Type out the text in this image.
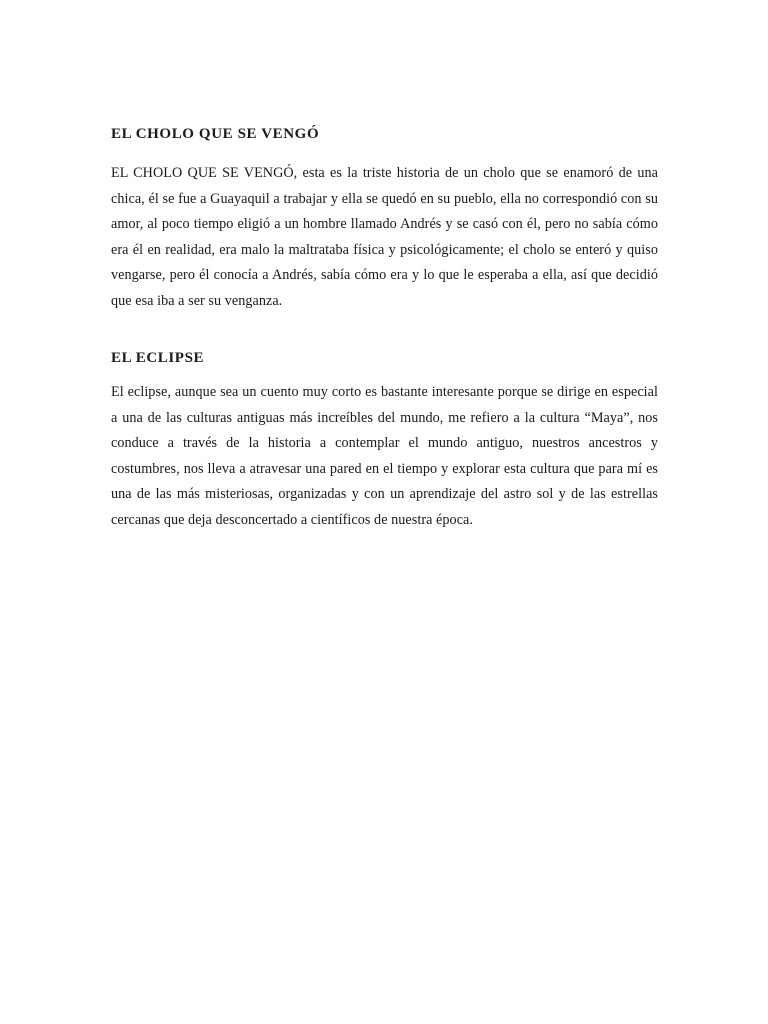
EL CHOLO QUE SE VENGÓ

EL CHOLO QUE SE VENGÓ, esta es la triste historia de un cholo que se enamoró de una chica, él se fue a Guayaquil a trabajar y ella se quedó en su pueblo, ella no correspondió con su amor, al poco tiempo eligió a un hombre llamado Andrés y se casó con él, pero no sabía cómo era él en realidad, era malo la maltrataba física y psicológicamente; el cholo se enteró y quiso vengarse, pero él conocía a Andrés, sabía cómo era y lo que le esperaba a ella, así que decidió que esa iba a ser su venganza.

EL ECLIPSE

El eclipse, aunque sea un cuento muy corto es bastante interesante porque se dirige en especial a una de las culturas antiguas más increíbles del mundo, me refiero a la cultura “Maya”, nos conduce a través de la historia a contemplar el mundo antiguo, nuestros ancestros y costumbres, nos lleva a atravesar una pared en el tiempo y explorar esta cultura que para mí es una de las más misteriosas, organizadas y con un aprendizaje del astro sol y de las estrellas cercanas que deja desconcertado a científicos de nuestra época.
